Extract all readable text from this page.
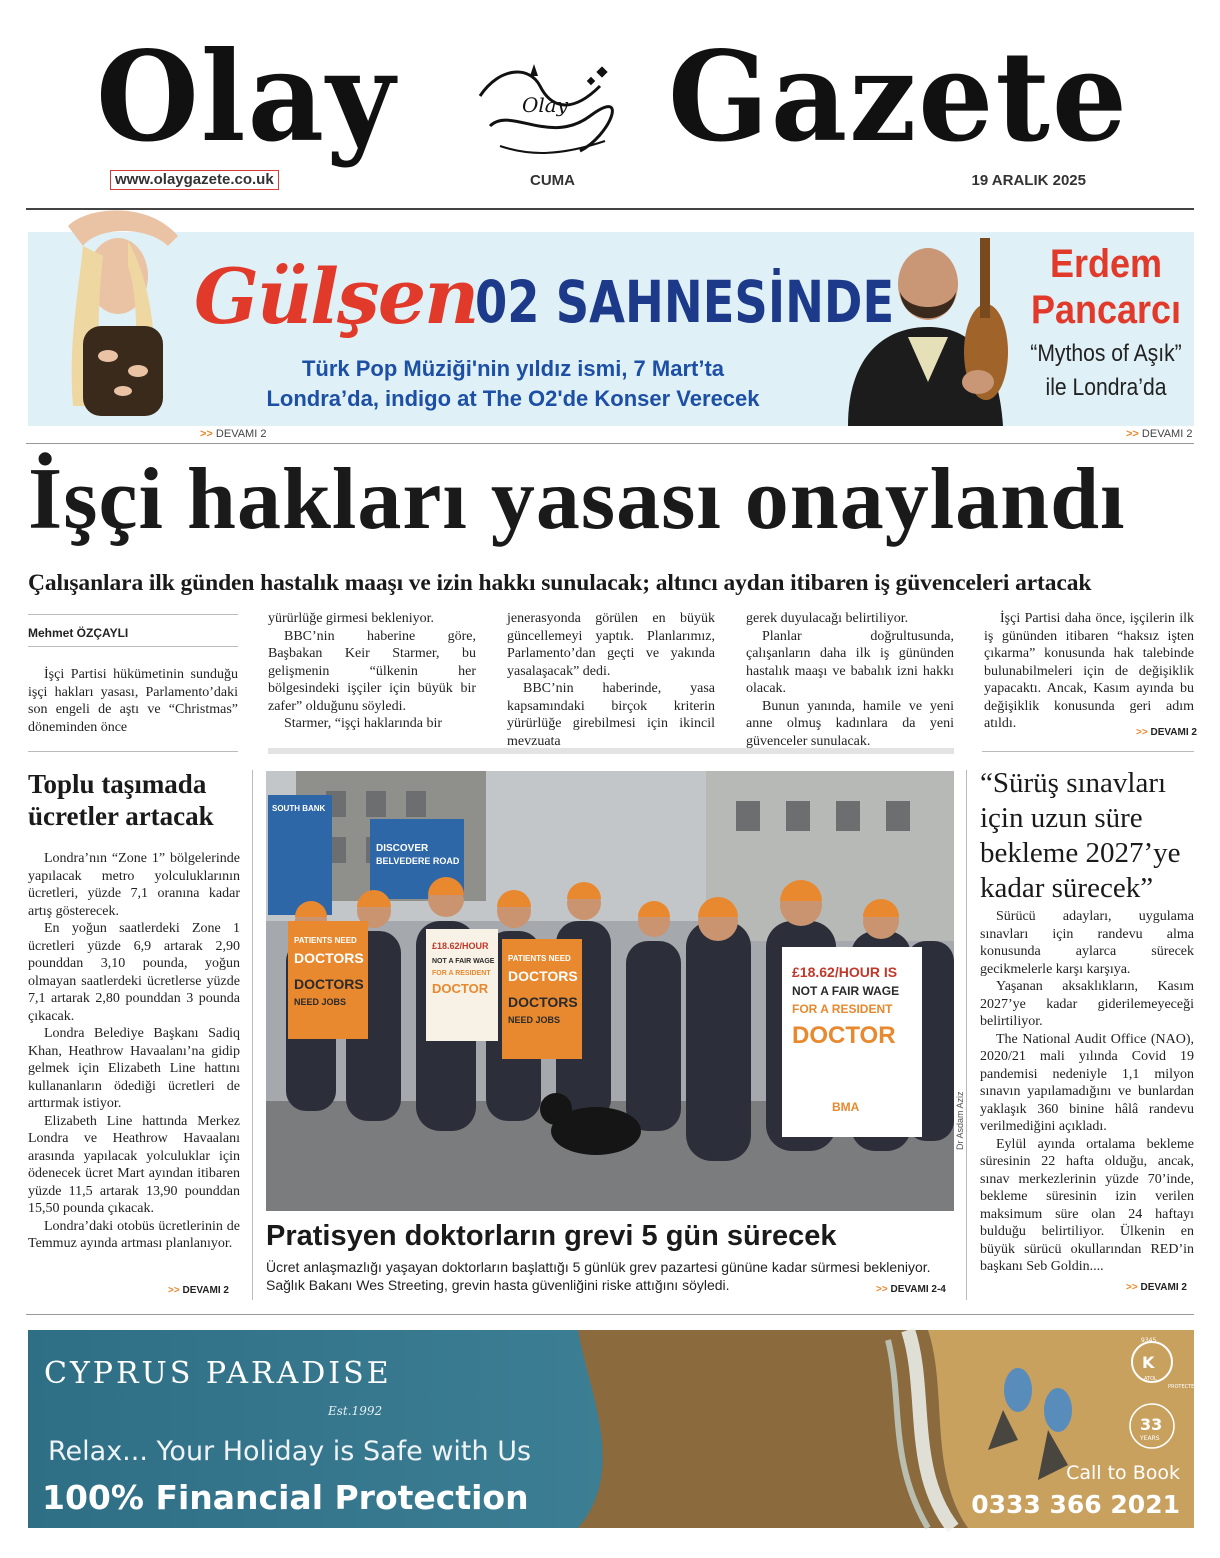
Olay Gazete
Olay
www.olaygazete.co.uk	CUMA	19 ARALIK 2025
Gülşen
02 SAHNESİNDE
Türk Pop Müziği'nin yıldız ismi, 7 Mart’ta
Londra’da, indigo at The O2'de Konser Verecek
Erdem
Pancarcı
“Mythos of Aşık”
ile Londra’da
>> DEVAMI 2	>> DEVAMI 2
İşçi hakları yasası onaylandı
Çalışanlara ilk günden hastalık maaşı ve izin hakkı sunulacak; altıncı aydan itibaren iş güvenceleri artacak
Mehmet ÖZÇAYLI

İşçi Partisi hükümetinin sunduğu işçi hakları yasası, Parlamento’daki son engeli de aştı ve “Christmas” döneminden önce

yürürlüğe girmesi bekleniyor.

BBC’nin haberine göre, Başbakan Keir Starmer, bu gelişmenin “ülkenin her bölgesindeki işçiler için büyük bir zafer” olduğunu söyledi.

Starmer, “işçi haklarında bir

jenerasyonda görülen en büyük güncellemeyi yaptık. Planlarımız, Parlamento’dan geçti ve yakında yasalaşacak” dedi.

BBC’nin haberinde, yasa kapsamındaki birçok kriterin yürürlüğe girebilmesi için ikincil mevzuata

gerek duyulacağı belirtiliyor.

Planlar doğrultusunda, çalışanların daha ilk iş gününden hastalık maaşı ve babalık izni hakkı olacak.

Bunun yanında, hamile ve yeni anne olmuş kadınlara da yeni güvenceler sunulacak.

İşçi Partisi daha önce, işçilerin ilk iş gününden itibaren “haksız işten çıkarma” konusunda hak talebinde bulunabilmeleri için de değişiklik yapacaktı. Ancak, Kasım ayında bu değişiklik konusunda geri adım atıldı.

>> DEVAMI 2
Toplu taşımada
ücretler artacak

Londra’nın “Zone 1” bölgelerinde yapılacak metro yolculuklarının ücretleri, yüzde 7,1 oranına kadar artış gösterecek.

En yoğun saatlerdeki Zone 1 ücretleri yüzde 6,9 artarak 2,90 pounddan 3,10 pounda, yoğun olmayan saatlerdeki ücretlerse yüzde 7,1 artarak 2,80 pounddan 3 pounda çıkacak.

Londra Belediye Başkanı Sadiq Khan, Heathrow Havaalanı’na gidip gelmek için Elizabeth Line hattını kullananların ödediği ücretleri de arttırmak istiyor.

Elizabeth Line hattında Merkez Londra ve Heathrow Havaalanı arasında yapılacak yolculuklar için ödenecek ücret Mart ayından itibaren yüzde 11,5 artarak 13,90 pounddan 15,50 pounda çıkacak.

Londra’daki otobüs ücretlerinin de Temmuz ayında artması planlanıyor.

>> DEVAMI 2
SOUTH BANK
DISCOVER
BELVEDERE ROAD
PATIENTS NEED
DOCTORS
DOCTORS
NEED JOBS
£18.62/HOUR
NOT A FAIR WAGE
FOR A RESIDENT
DOCTOR
PATIENTS NEED
DOCTORS
DOCTORS
NEED JOBS
£18.62/HOUR IS
NOT A FAIR WAGE
FOR A RESIDENT
DOCTOR
BMA	Dr Asdam Aziz
Pratisyen doktorların grevi 5 gün sürecek

Ücret anlaşmazlığı yaşayan doktorların başlattığı 5 günlük grev pazartesi gününe kadar sürmesi bekleniyor. Sağlık Bakanı Wes Streeting, grevin hasta güvenliğini riske attığını söyledi.	>> DEVAMI 2-4
“Sürüş sınavları
için uzun süre
bekleme 2027’ye
kadar sürecek”

Sürücü adayları, uygulama sınavları için randevu alma konusunda aylarca sürecek gecikmelerle karşı karşıya.

Yaşanan aksaklıkların, Kasım 2027’ye kadar giderilemeyeceği belirtiliyor.

The National Audit Office (NAO), 2020/21 mali yılında Covid 19 pandemisi nedeniyle 1,1 milyon sınavın yapılamadığını ve bunlardan yaklaşık 360 binine hâlâ randevu verilmediğini açıkladı.

Eylül ayında ortalama bekleme süresinin 22 hafta olduğu, ancak, sınav merkezlerinin yüzde 70’inde, bekleme süresinin izin verilen maksimum süre olan 24 haftayı bulduğu belirtiliyor. Ülkenin en büyük sürücü okullarından RED’in başkanı Seb Goldin....

>> DEVAMI 2
K
9345
ATOL
PROTECTED
33
YEARS
CYPRUS PARADISE
Est.1992
Relax... Your Holiday is Safe with Us
100% Financial Protection
Call to Book
0333 366 2021
